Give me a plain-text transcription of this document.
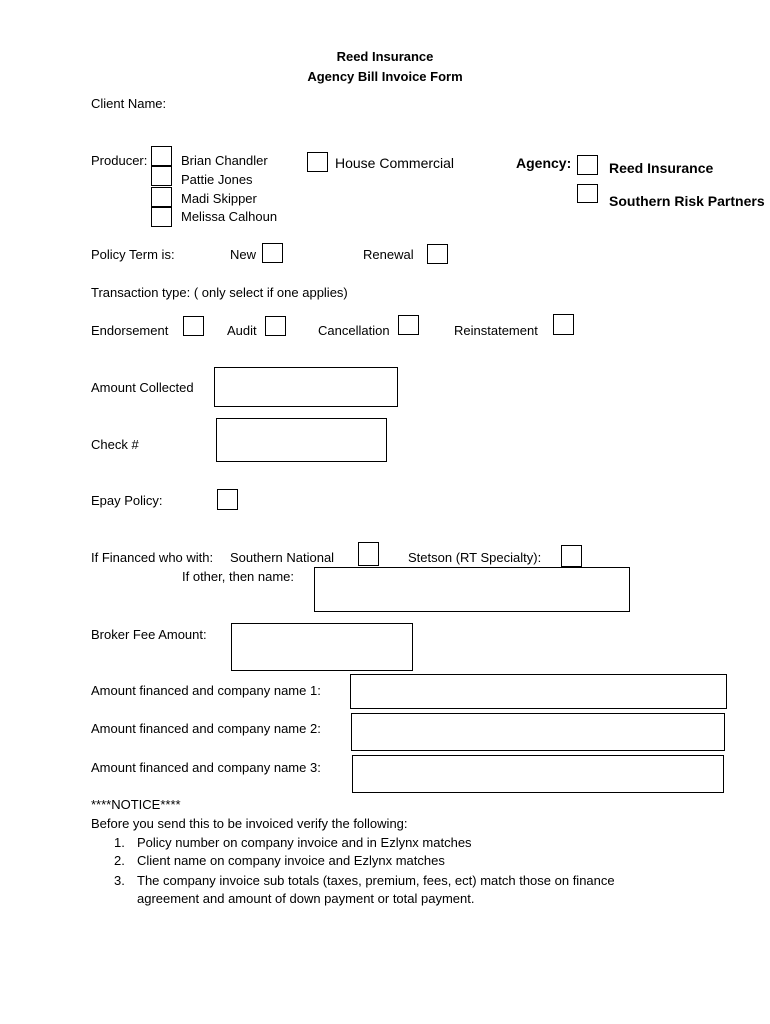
Reed Insurance
Agency Bill Invoice Form
Client Name:
Producer:	Brian Chandler
Pattie Jones
Madi Skipper
Melissa Calhoun
House Commercial	Agency:	Reed Insurance
Southern Risk Partners
Policy Term is:	New	Renewal
Transaction type: ( only select if one applies)
Endorsement	Audit	Cancellation	Reinstatement
Amount Collected
Check #
Epay Policy:
If Financed who with: Southern National	Stetson (RT Specialty):
If other, then name:
Broker Fee Amount:
Amount financed and company name 1:
Amount financed and company name 2:
Amount financed and company name 3:
****NOTICE****
Before you send this to be invoiced verify the following:
1. Policy number on company invoice and in Ezlynx matches
2. Client name on company invoice and Ezlynx matches
3. The company invoice sub totals (taxes, premium, fees, ect) match those on finance
agreement and amount of down payment or total payment.
